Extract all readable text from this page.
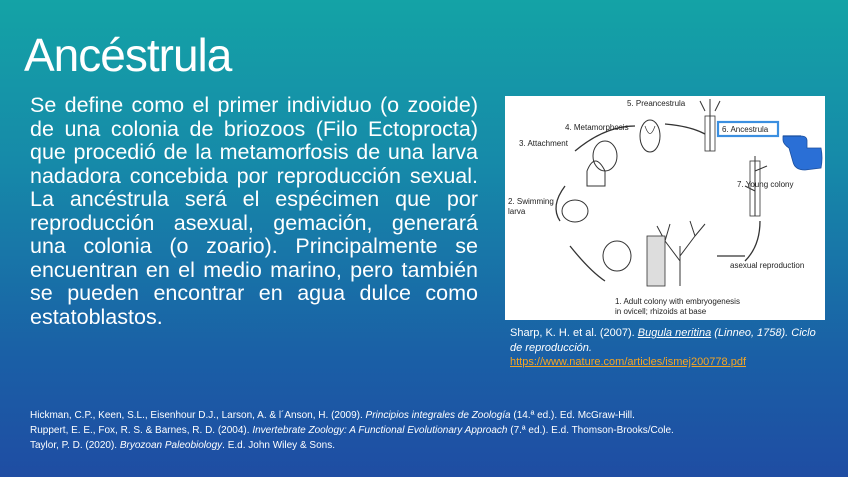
Ancéstrula
Se define como el primer individuo (o zooide) de una colonia de briozoos (Filo Ectoprocta) que procedió de la metamorfosis de una larva nadadora concebida por reproducción sexual. La ancéstrula será el espécimen que por reproducción asexual, gemación, generará una colonia (o zoario). Principalmente se encuentran en el medio marino, pero también se pueden encontrar en agua dulce como estatoblastos.
5. Preancestrula
4. Metamorphosis
3. Attachment
2. Swimming
larva
7. Young colony
asexual reproduction
1. Adult colony with embryogenesis
in ovicell; rhizoids at base
6. Ancestrula
Sharp, K. H. et al. (2007). Bugula neritina (Linneo, 1758). Ciclo de reproducción.
https://www.nature.com/articles/ismej200778.pdf
Hickman, C.P., Keen, S.L., Eisenhour D.J., Larson, A. & l´Anson, H. (2009). Principios integrales de Zoología (14.ª ed.). Ed. McGraw-Hill.
Ruppert, E. E., Fox, R. S. & Barnes, R. D. (2004). Invertebrate Zoology: A Functional Evolutionary Approach (7.ª ed.). E.d. Thomson-Brooks/Cole.
Taylor, P. D. (2020). Bryozoan Paleobiology. E.d. John Wiley & Sons.
